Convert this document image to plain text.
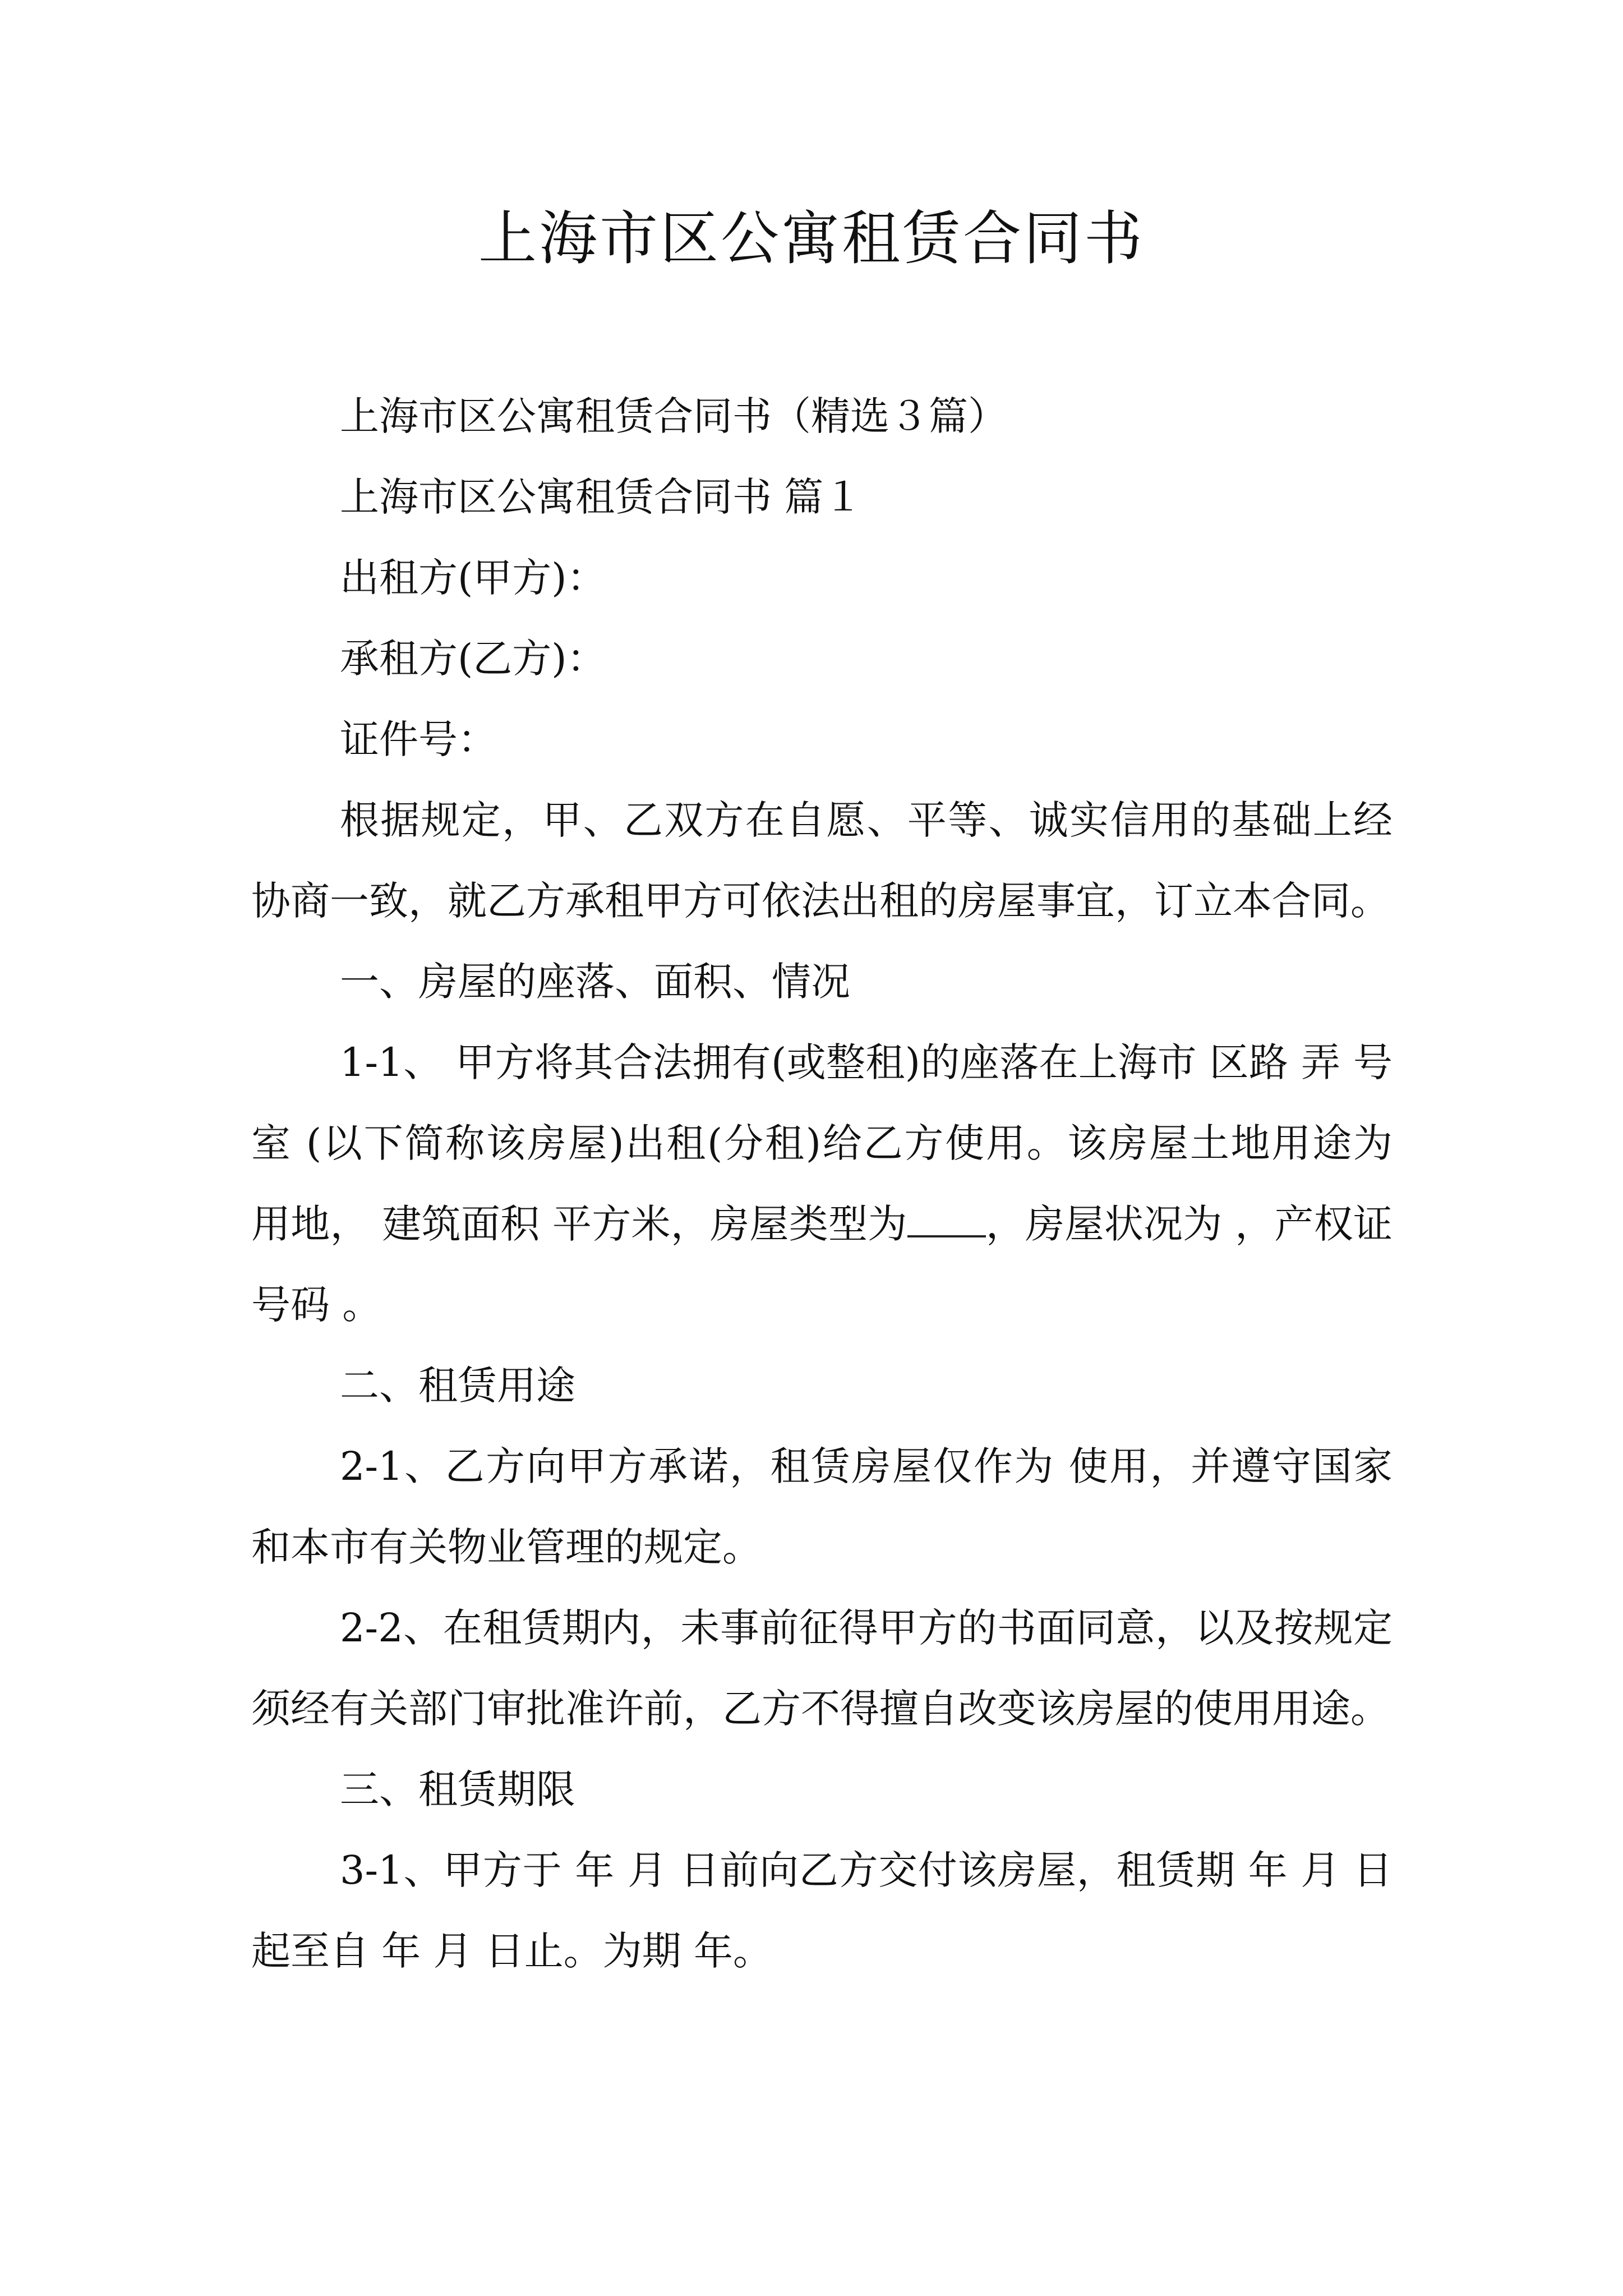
上海市区公寓租赁合同书

上海市区公寓租赁合同书（精选３篇）

上海市区公寓租赁合同书 篇１

出租方(甲方)：

承租方(乙方)：

证件号：

根据规定，甲、乙双方在自愿、平等、诚实信用的基础上经协商一致，就乙方承租甲方可依法出租的房屋事宜，订立本合同。

一、房屋的座落、面积、情况

1-1、 甲方将其合法拥有(或整租)的座落在上海市 区路 弄 号 室 (以下简称该房屋)出租(分租)给乙方使用。该房屋土地用途为 用地， 建筑面积 平方米，房屋类型为 ，房屋状况为 ，产权证号码 。

二、租赁用途

2-1、乙方向甲方承诺，租赁房屋仅作为 使用，并遵守国家和本市有关物业管理的规定。

2-2、在租赁期内，未事前征得甲方的书面同意，以及按规定须经有关部门审批准许前，乙方不得擅自改变该房屋的使用用途。

三、租赁期限

3-1、甲方于 年 月 日前向乙方交付该房屋，租赁期 年 月 日起至自 年 月 日止。为期 年。
